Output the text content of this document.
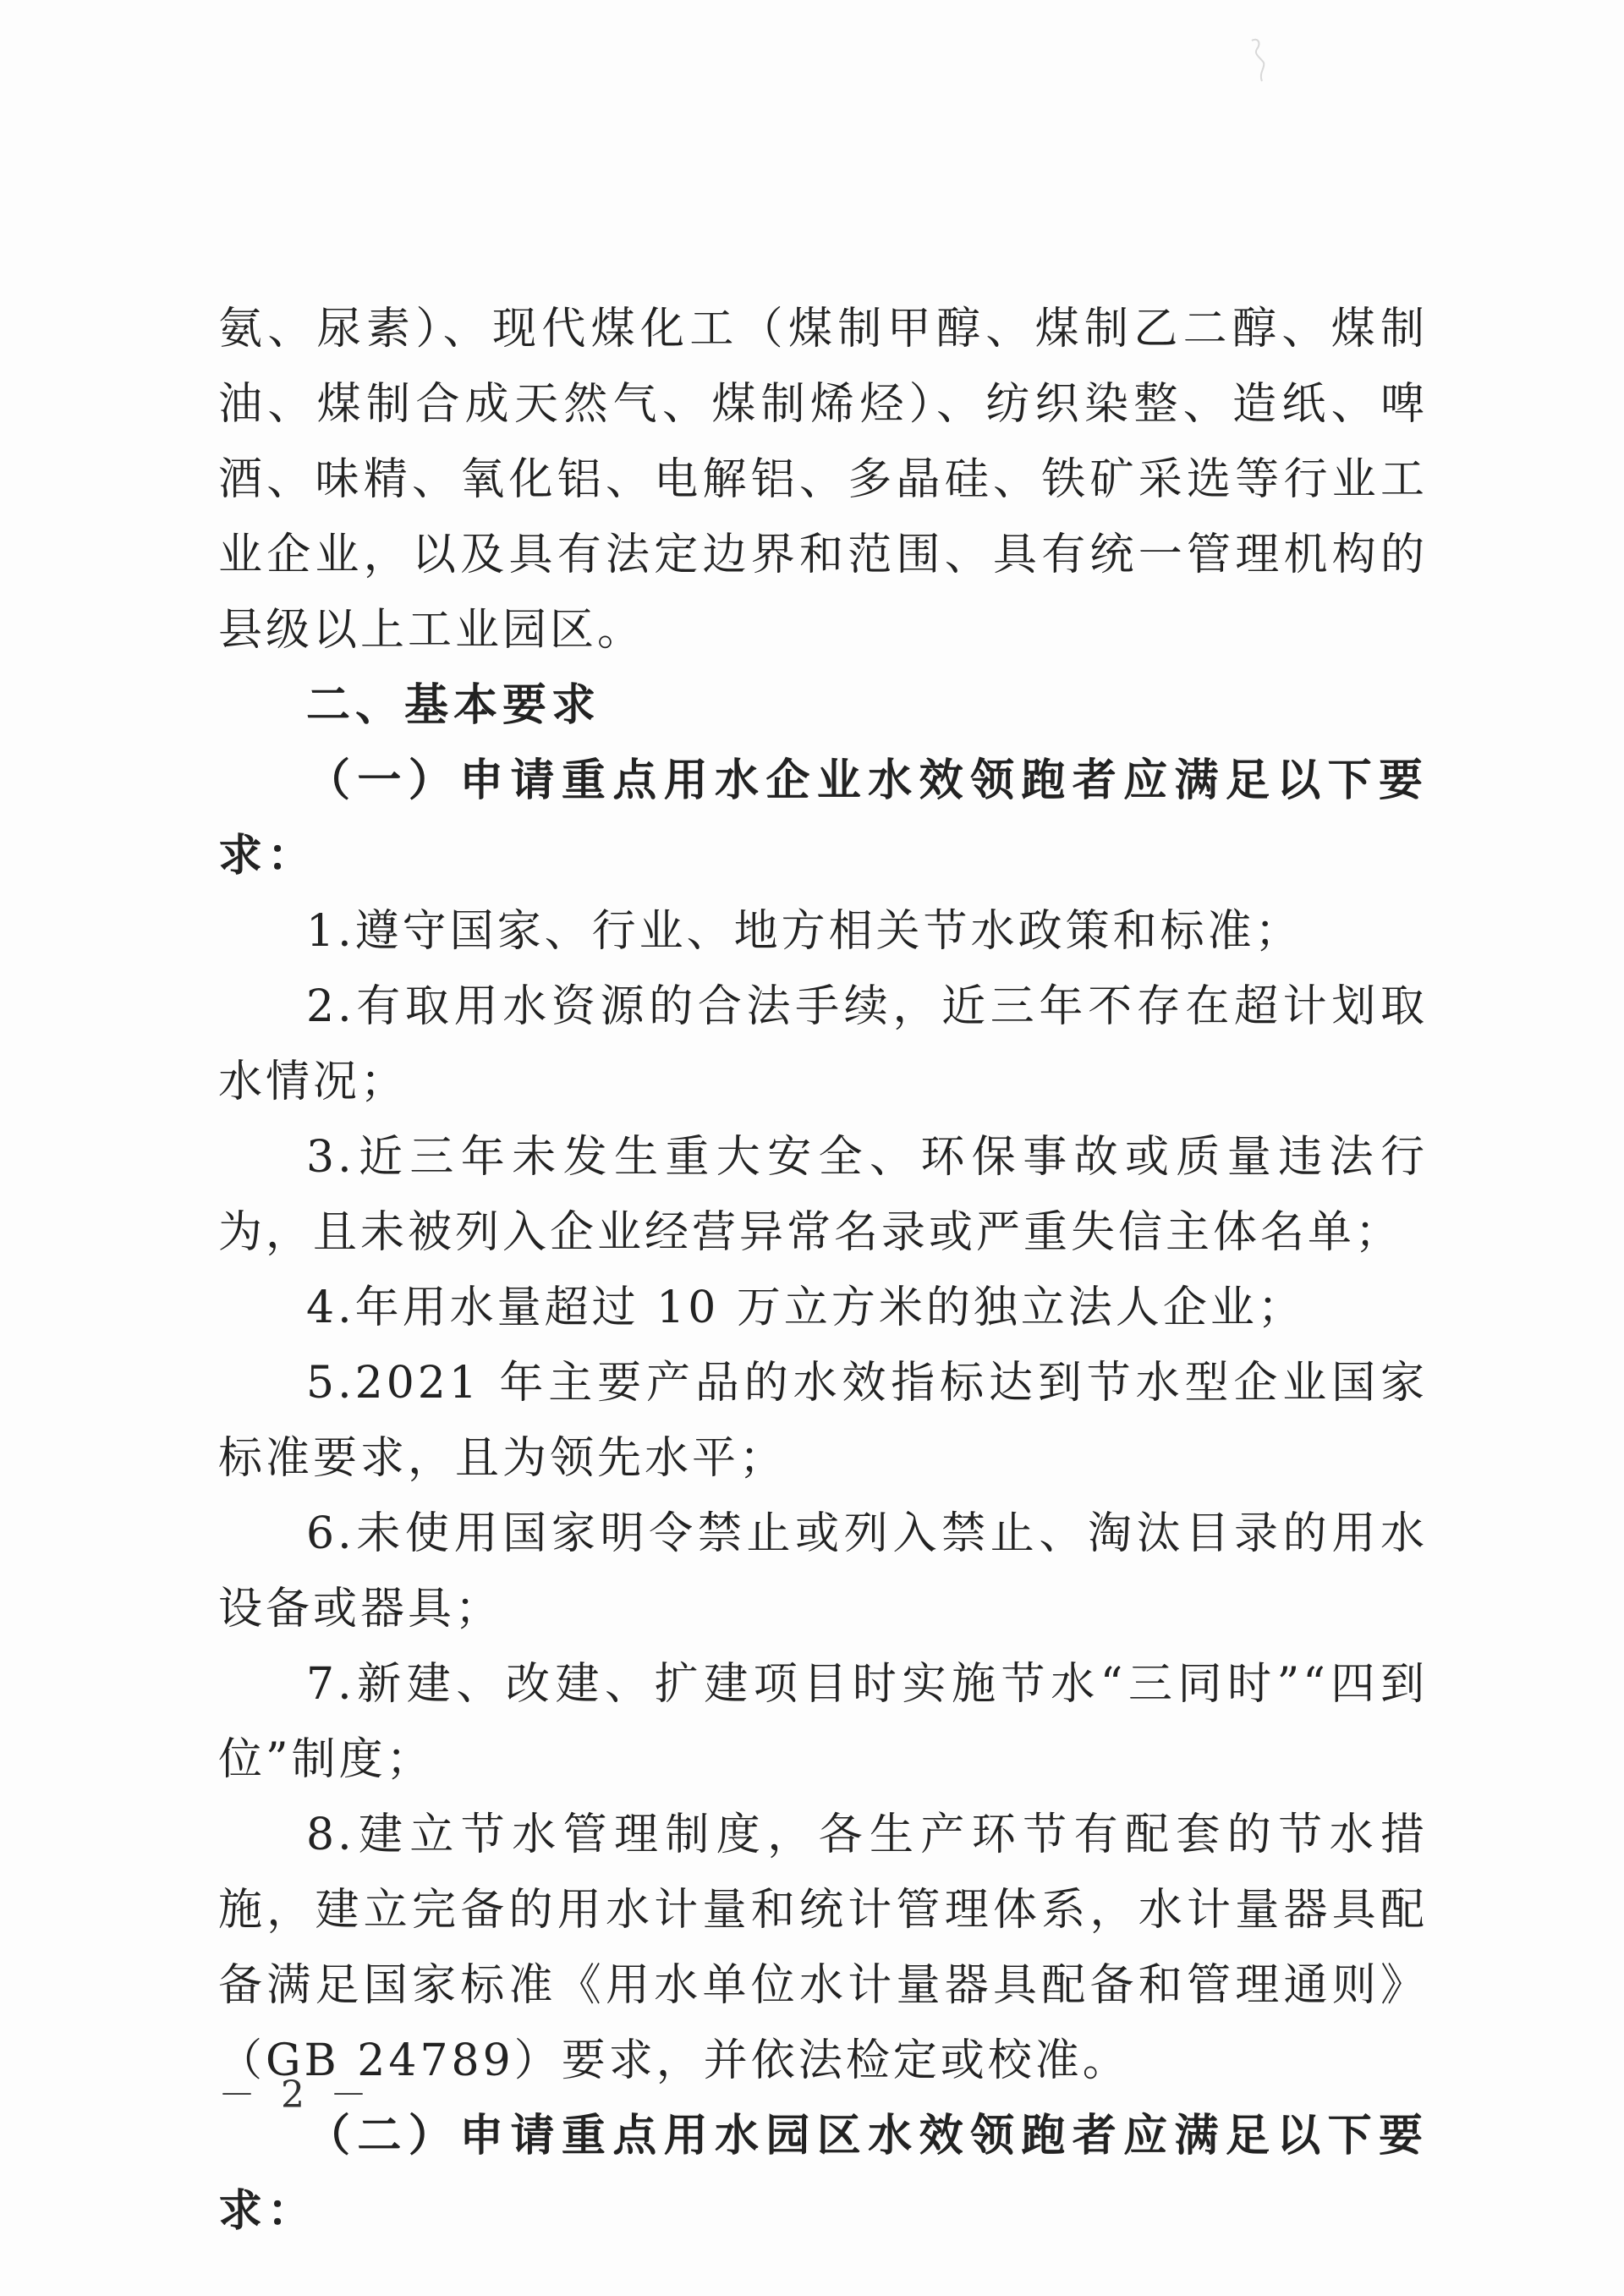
氨、尿素）、现代煤化工（煤制甲醇、煤制乙二醇、煤制油、煤制合成天然气、煤制烯烃）、纺织染整、造纸、啤酒、味精、氧化铝、电解铝、多晶硅、铁矿采选等行业工业企业，以及具有法定边界和范围、具有统一管理机构的县级以上工业园区。

二、基本要求

（一）申请重点用水企业水效领跑者应满足以下要求：

1.遵守国家、行业、地方相关节水政策和标准；

2.有取用水资源的合法手续，近三年不存在超计划取水情况；

3.近三年未发生重大安全、环保事故或质量违法行为，且未被列入企业经营异常名录或严重失信主体名单；

4.年用水量超过 10 万立方米的独立法人企业；

5.2021 年主要产品的水效指标达到节水型企业国家标准要求，且为领先水平；

6.未使用国家明令禁止或列入禁止、淘汰目录的用水设备或器具；

7.新建、改建、扩建项目时实施节水“三同时”“四到位”制度；

8.建立节水管理制度，各生产环节有配套的节水措施，建立完备的用水计量和统计管理体系，水计量器具配备满足国家标准《用水单位水计量器具配备和管理通则》（GB 24789）要求，并依法检定或校准。

（二）申请重点用水园区水效领跑者应满足以下要求：

－ 2 －
